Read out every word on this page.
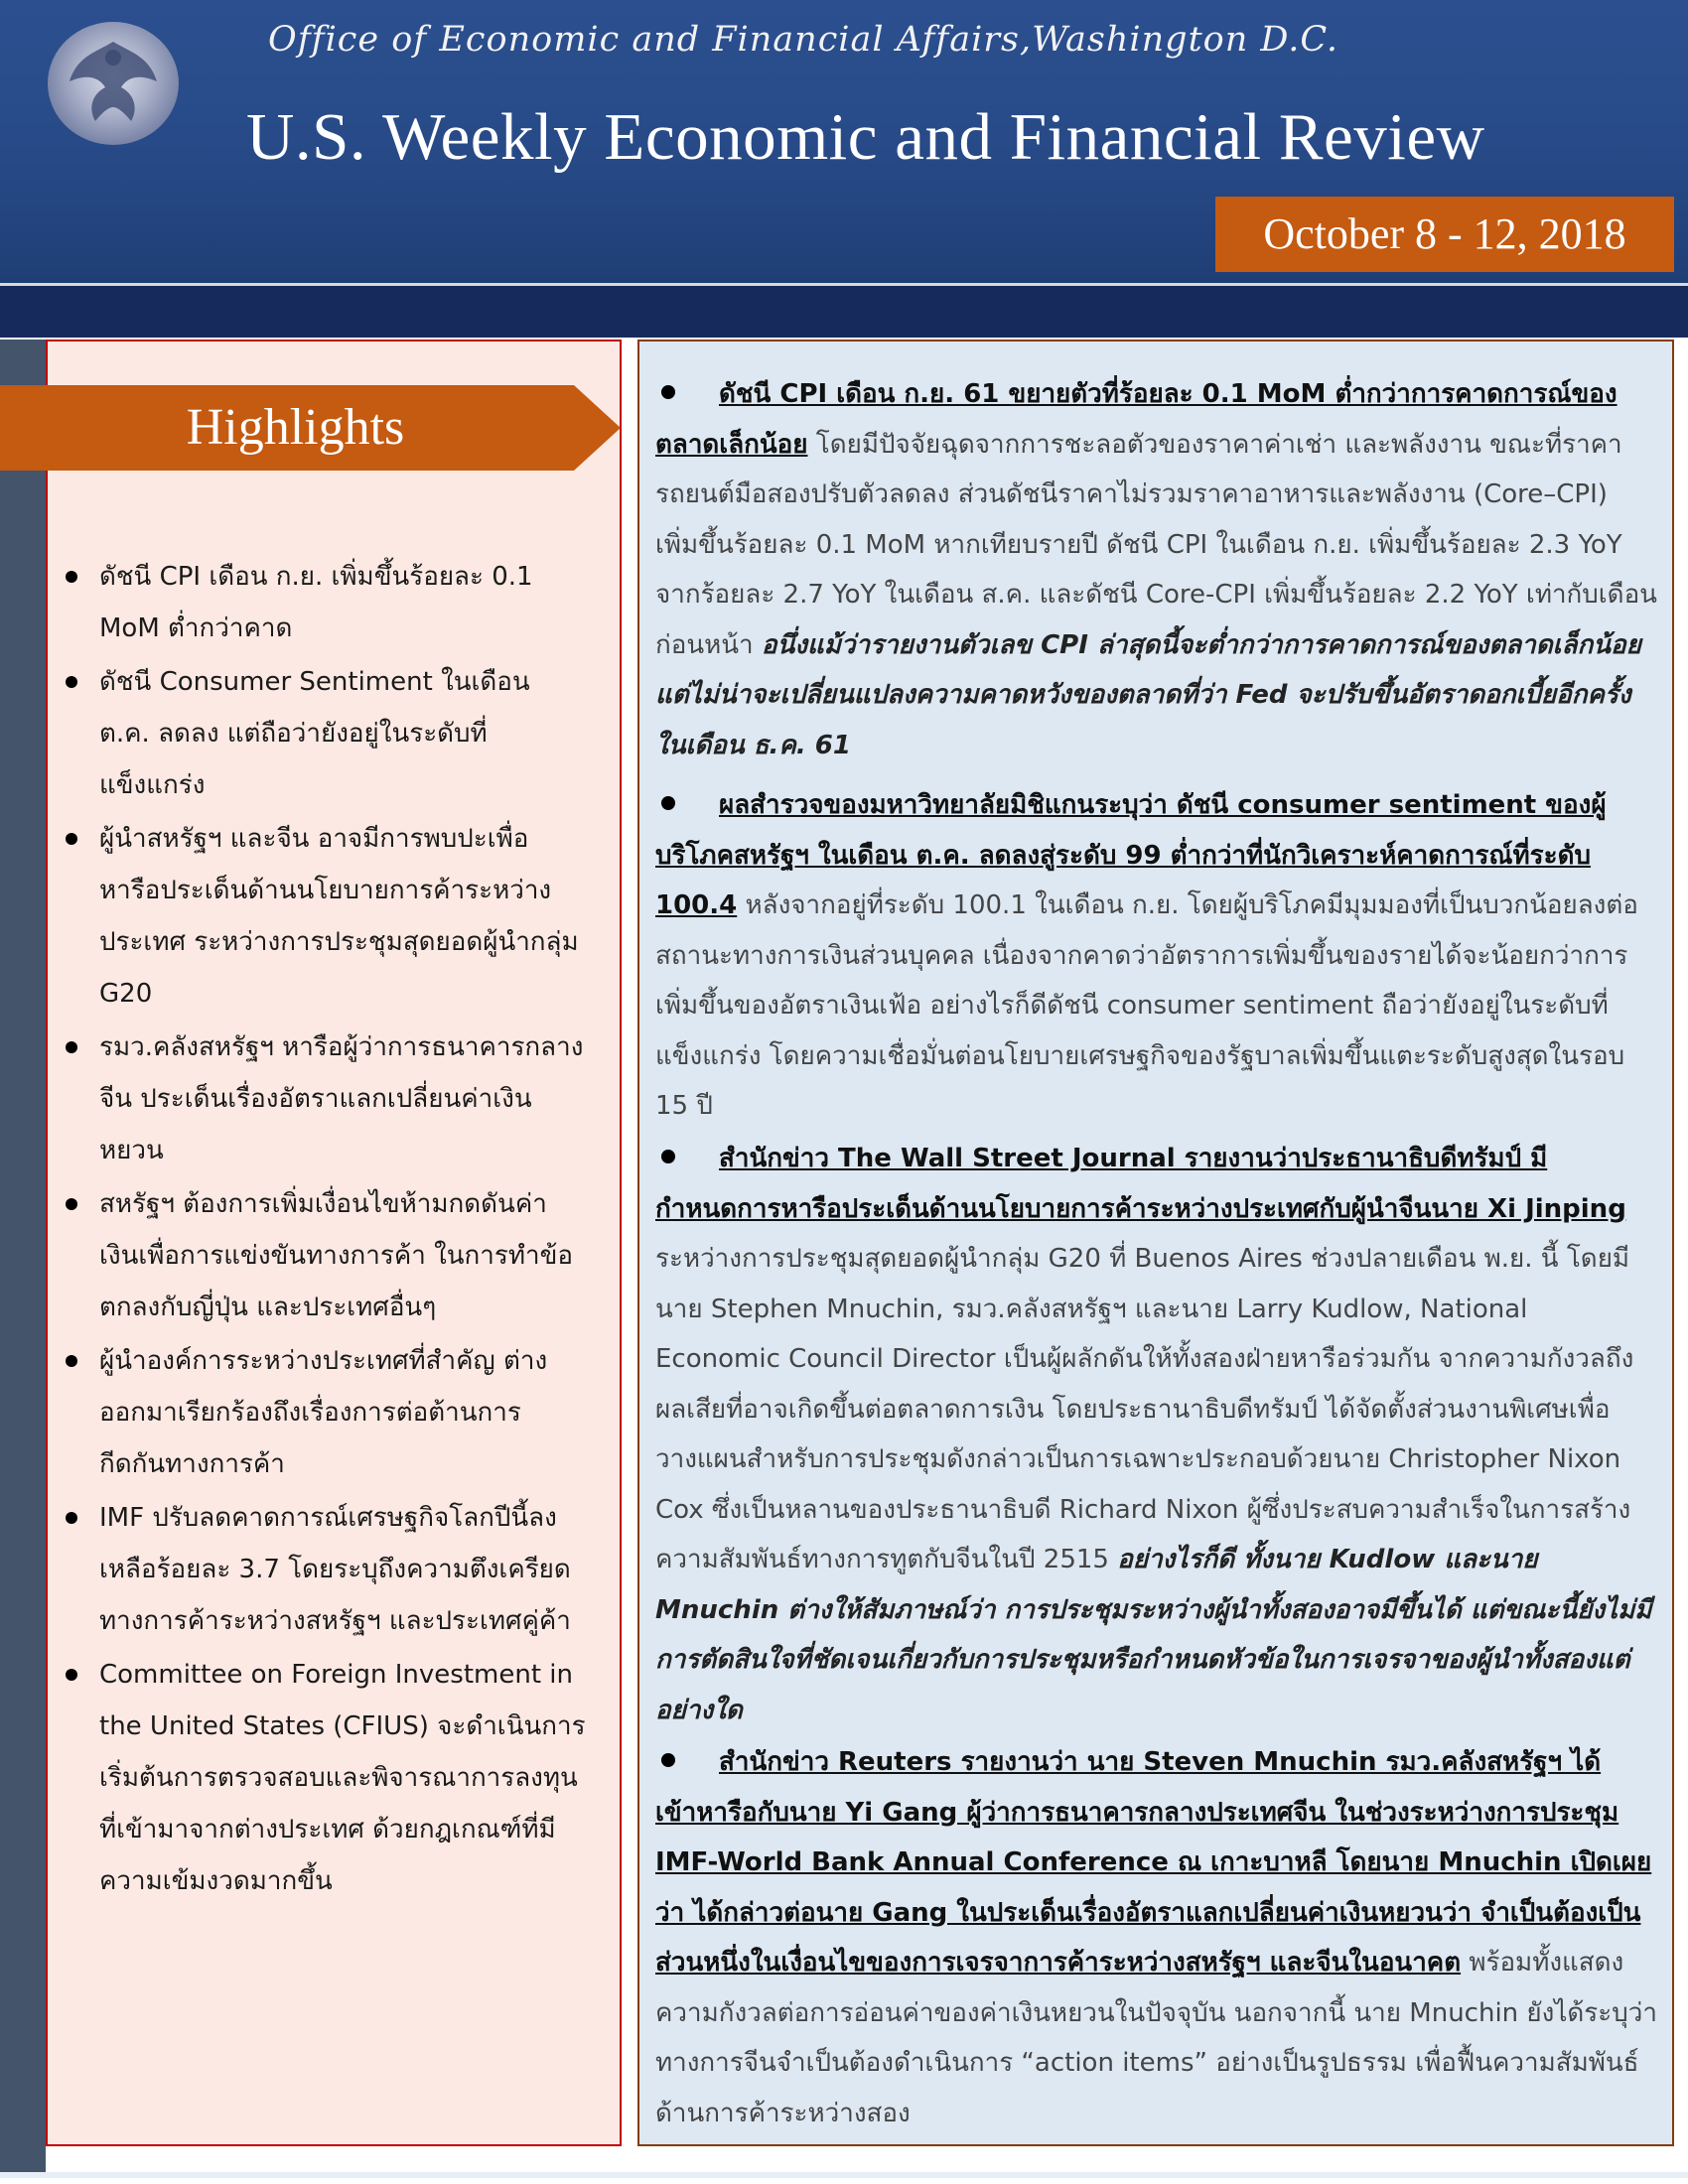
Office of Economic and Financial Affairs,Washington D.C.
U.S. Weekly Economic and Financial Review
October 8 - 12, 2018
Highlights
ดัชนี CPI เดือน ก.ย. เพิ่มขึ้นร้อยละ 0.1 MoM ต่ำกว่าคาด
ดัชนี Consumer Sentiment ในเดือน ต.ค. ลดลง แต่ถือว่ายังอยู่ในระดับที่แข็งแกร่ง
ผู้นำสหรัฐฯ และจีน อาจมีการพบปะเพื่อหารือประเด็นด้านนโยบายการค้าระหว่างประเทศ ระหว่างการประชุมสุดยอดผู้นำกลุ่ม G20
รมว.คลังสหรัฐฯ หารือผู้ว่าการธนาคารกลางจีน ประเด็นเรื่องอัตราแลกเปลี่ยนค่าเงินหยวน
สหรัฐฯ ต้องการเพิ่มเงื่อนไขห้ามกดดันค่าเงินเพื่อการแข่งขันทางการค้า ในการทำข้อตกลงกับญี่ปุ่น และประเทศอื่นๆ
ผู้นำองค์การระหว่างประเทศที่สำคัญ ต่างออกมาเรียกร้องถึงเรื่องการต่อต้านการกีดกันทางการค้า
IMF ปรับลดคาดการณ์เศรษฐกิจโลกปีนี้ลงเหลือร้อยละ 3.7 โดยระบุถึงความตึงเครียดทางการค้าระหว่างสหรัฐฯ และประเทศคู่ค้า
Committee on Foreign Investment in the United States (CFIUS) จะดำเนินการเริ่มต้นการตรวจสอบและพิจารณาการลงทุนที่เข้ามาจากต่างประเทศ ด้วยกฎเกณฑ์ที่มีความเข้มงวดมากขึ้น

ดัชนี CPI เดือน ก.ย. 61 ขยายตัวที่ร้อยละ 0.1 MoM ต่ำกว่าการคาดการณ์ของตลาดเล็กน้อย โดยมีปัจจัยฉุดจากการชะลอตัวของราคาค่าเช่า และพลังงาน ขณะที่ราคารถยนต์มือสองปรับตัวลดลง ส่วนดัชนีราคาไม่รวมราคาอาหารและพลังงาน (Core–CPI) เพิ่มขึ้นร้อยละ 0.1 MoM หากเทียบรายปี ดัชนี CPI ในเดือน ก.ย. เพิ่มขึ้นร้อยละ 2.3 YoY จากร้อยละ 2.7 YoY ในเดือน ส.ค. และดัชนี Core-CPI เพิ่มขึ้นร้อยละ 2.2 YoY เท่ากับเดือนก่อนหน้า อนึ่งแม้ว่ารายงานตัวเลข CPI ล่าสุดนี้จะต่ำกว่าการคาดการณ์ของตลาดเล็กน้อย แต่ไม่น่าจะเปลี่ยนแปลงความคาดหวังของตลาดที่ว่า Fed จะปรับขึ้นอัตราดอกเบี้ยอีกครั้งในเดือน ธ.ค. 61

ผลสำรวจของมหาวิทยาลัยมิชิแกนระบุว่า ดัชนี consumer sentiment ของผู้บริโภคสหรัฐฯ ในเดือน ต.ค. ลดลงสู่ระดับ 99 ต่ำกว่าที่นักวิเคราะห์คาดการณ์ที่ระดับ 100.4 หลังจากอยู่ที่ระดับ 100.1 ในเดือน ก.ย. โดยผู้บริโภคมีมุมมองที่เป็นบวกน้อยลงต่อสถานะทางการเงินส่วนบุคคล เนื่องจากคาดว่าอัตราการเพิ่มขึ้นของรายได้จะน้อยกว่าการเพิ่มขึ้นของอัตราเงินเฟ้อ อย่างไรก็ดีดัชนี consumer sentiment ถือว่ายังอยู่ในระดับที่แข็งแกร่ง โดยความเชื่อมั่นต่อนโยบายเศรษฐกิจของรัฐบาลเพิ่มขึ้นแตะระดับสูงสุดในรอบ 15 ปี

สำนักข่าว The Wall Street Journal รายงานว่าประธานาธิบดีทรัมป์ มีกำหนดการหารือประเด็นด้านนโยบายการค้าระหว่างประเทศกับผู้นำจีนนาย Xi Jinping ระหว่างการประชุมสุดยอดผู้นำกลุ่ม G20 ที่ Buenos Aires ช่วงปลายเดือน พ.ย. นี้ โดยมีนาย Stephen Mnuchin, รมว.คลังสหรัฐฯ และนาย Larry Kudlow, National Economic Council Director เป็นผู้ผลักดันให้ทั้งสองฝ่ายหารือร่วมกัน จากความกังวลถึงผลเสียที่อาจเกิดขึ้นต่อตลาดการเงิน โดยประธานาธิบดีทรัมป์ ได้จัดตั้งส่วนงานพิเศษเพื่อวางแผนสำหรับการประชุมดังกล่าวเป็นการเฉพาะประกอบด้วยนาย Christopher Nixon Cox ซึ่งเป็นหลานของประธานาธิบดี Richard Nixon ผู้ซึ่งประสบความสำเร็จในการสร้างความสัมพันธ์ทางการทูตกับจีนในปี 2515 อย่างไรก็ดี ทั้งนาย Kudlow และนาย Mnuchin ต่างให้สัมภาษณ์ว่า การประชุมระหว่างผู้นำทั้งสองอาจมีขึ้นได้ แต่ขณะนี้ยังไม่มีการตัดสินใจที่ชัดเจนเกี่ยวกับการประชุมหรือกำหนดหัวข้อในการเจรจาของผู้นำทั้งสองแต่อย่างใด

สำนักข่าว Reuters รายงานว่า นาย Steven Mnuchin รมว.คลังสหรัฐฯ ได้เข้าหารือกับนาย Yi Gang ผู้ว่าการธนาคารกลางประเทศจีน ในช่วงระหว่างการประชุม IMF-World Bank Annual Conference ณ เกาะบาหลี โดยนาย Mnuchin เปิดเผยว่า ได้กล่าวต่อนาย Gang ในประเด็นเรื่องอัตราแลกเปลี่ยนค่าเงินหยวนว่า จำเป็นต้องเป็นส่วนหนึ่งในเงื่อนไขของการเจรจาการค้าระหว่างสหรัฐฯ และจีนในอนาคต พร้อมทั้งแสดงความกังวลต่อการอ่อนค่าของค่าเงินหยวนในปัจจุบัน นอกจากนี้ นาย Mnuchin ยังได้ระบุว่า ทางการจีนจำเป็นต้องดำเนินการ “action items” อย่างเป็นรูปธรรม เพื่อฟื้นความสัมพันธ์ด้านการค้าระหว่างสอง
